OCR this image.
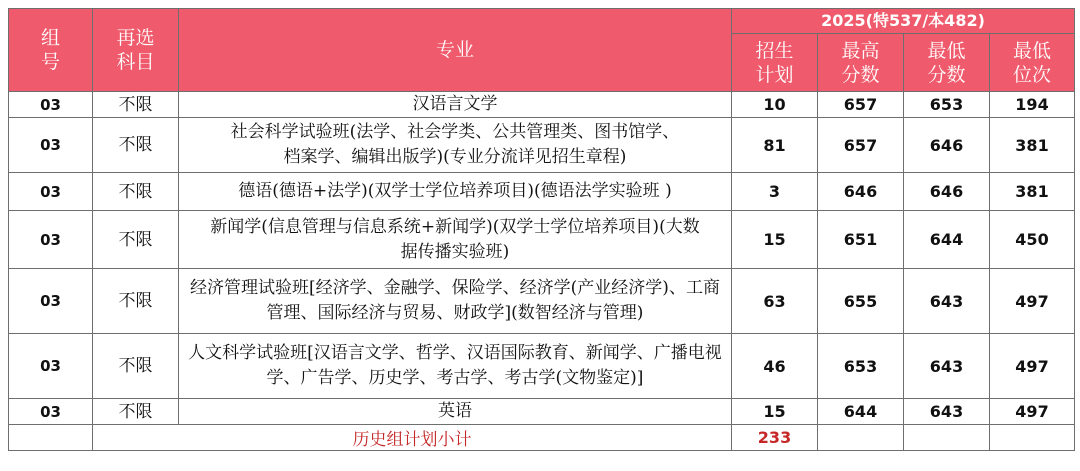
组号	再选科目	专业	2025(特537/本482)			
			招生计划	最高分数	最低分数	最低位次
03	不限	汉语言文学	10	657	653	194
03	不限	社会科学试验班(法学、社会学类、公共管理类、图书馆学、档案学、编辑出版学)(专业分流详见招生章程)	81	657	646	381
03	不限	德语(德语+法学)(双学士学位培养项目)(德语法学实验班 )	3	646	646	381
03	不限	新闻学(信息管理与信息系统+新闻学)(双学士学位培养项目)(大数据传播实验班)	15	651	644	450
03	不限	经济管理试验班[经济学、金融学、保险学、经济学(产业经济学)、工商管理、国际经济与贸易、财政学](数智经济与管理)	63	655	643	497
03	不限	人文科学试验班[汉语言文学、哲学、汉语国际教育、新闻学、广播电视学、广告学、历史学、考古学、考古学(文物鉴定)]	46	653	643	497
03	不限	英语	15	644	643	497
	历史组计划小计		233			
